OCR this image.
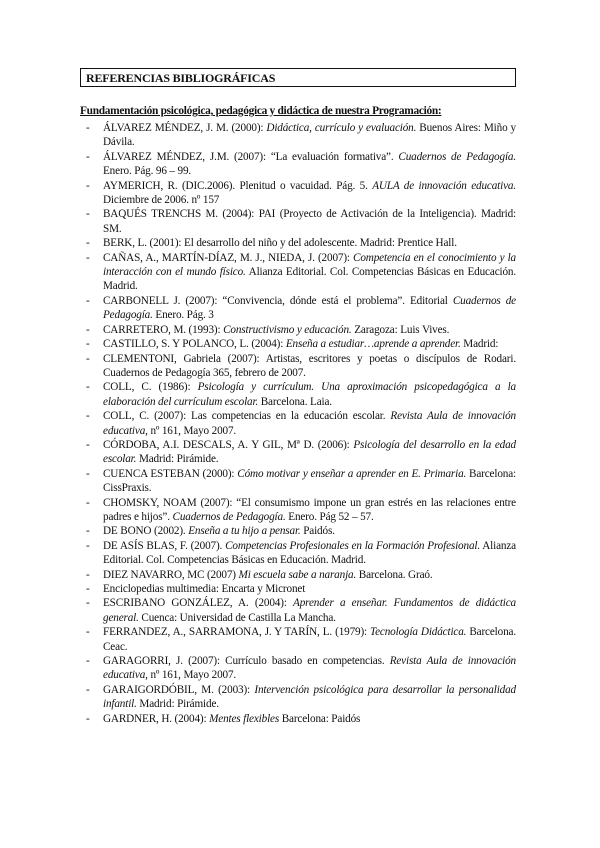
REFERENCIAS BIBLIOGRÁFICAS
Fundamentación psicológica, pedagógica y didáctica de nuestra Programación:
- ÁLVAREZ MÉNDEZ, J. M. (2000): Didáctica, currículo y evaluación. Buenos Aires: Miño y Dávila.
- ÁLVAREZ MÉNDEZ, J.M. (2007): “La evaluación formativa”. Cuadernos de Pedagogía. Enero. Pág. 96 – 99.
- AYMERICH, R. (DIC.2006). Plenitud o vacuidad. Pág. 5. AULA de innovación educativa. Diciembre de 2006. nº 157
- BAQUÉS TRENCHS M. (2004): PAI (Proyecto de Activación de la Inteligencia). Madrid: SM.
- BERK, L. (2001): El desarrollo del niño y del adolescente. Madrid: Prentice Hall.
- CAÑAS, A., MARTÍN-DÍAZ, M. J., NIEDA, J. (2007): Competencia en el conocimiento y la interacción con el mundo físico. Alianza Editorial. Col. Competencias Básicas en Educación. Madrid.
- CARBONELL J. (2007): “Convivencia, dónde está el problema”. Editorial Cuadernos de Pedagogía. Enero. Pág. 3
- CARRETERO, M. (1993): Constructivismo y educación. Zaragoza: Luis Vives.
- CASTILLO, S. Y POLANCO, L. (2004): Enseña a estudiar…aprende a aprender. Madrid:
- CLEMENTONI, Gabriela (2007): Artistas, escritores y poetas o discípulos de Rodari. Cuadernos de Pedagogía 365, febrero de 2007.
- COLL, C. (1986): Psicología y currículum. Una aproximación psicopedagógica a la elaboración del currículum escolar. Barcelona. Laia.
- COLL, C. (2007): Las competencias en la educación escolar. Revista Aula de innovación educativa, nº 161, Mayo 2007.
- CÓRDOBA, A.I. DESCALS, A. Y GIL, Mª D. (2006): Psicología del desarrollo en la edad escolar. Madrid: Pirámide.
- CUENCA ESTEBAN (2000): Cómo motivar y enseñar a aprender en E. Primaria. Barcelona: CissPraxis.
- CHOMSKY, NOAM (2007): “El consumismo impone un gran estrés en las relaciones entre padres e hijos”. Cuadernos de Pedagogía. Enero. Pág 52 – 57.
- DE BONO (2002). Enseña a tu hijo a pensar. Paidós.
- DE ASÍS BLAS, F. (2007). Competencias Profesionales en la Formación Profesional. Alianza Editorial. Col. Competencias Básicas en Educación. Madrid.
- DIEZ NAVARRO, MC (2007) Mi escuela sabe a naranja. Barcelona. Graó.
- Enciclopedias multimedia: Encarta y Micronet
- ESCRIBANO GONZÁLEZ, A. (2004): Aprender a enseñar. Fundamentos de didáctica general. Cuenca: Universidad de Castilla La Mancha.
- FERRANDEZ, A., SARRAMONA, J. Y TARÍN, L. (1979): Tecnología Didáctica. Barcelona. Ceac.
- GARAGORRI, J. (2007): Currículo basado en competencias. Revista Aula de innovación educativa, nº 161, Mayo 2007.
- GARAIGORDÓBIL, M. (2003): Intervención psicológica para desarrollar la personalidad infantil. Madrid: Pirámide.
- GARDNER, H. (2004): Mentes flexibles Barcelona: Paidós
